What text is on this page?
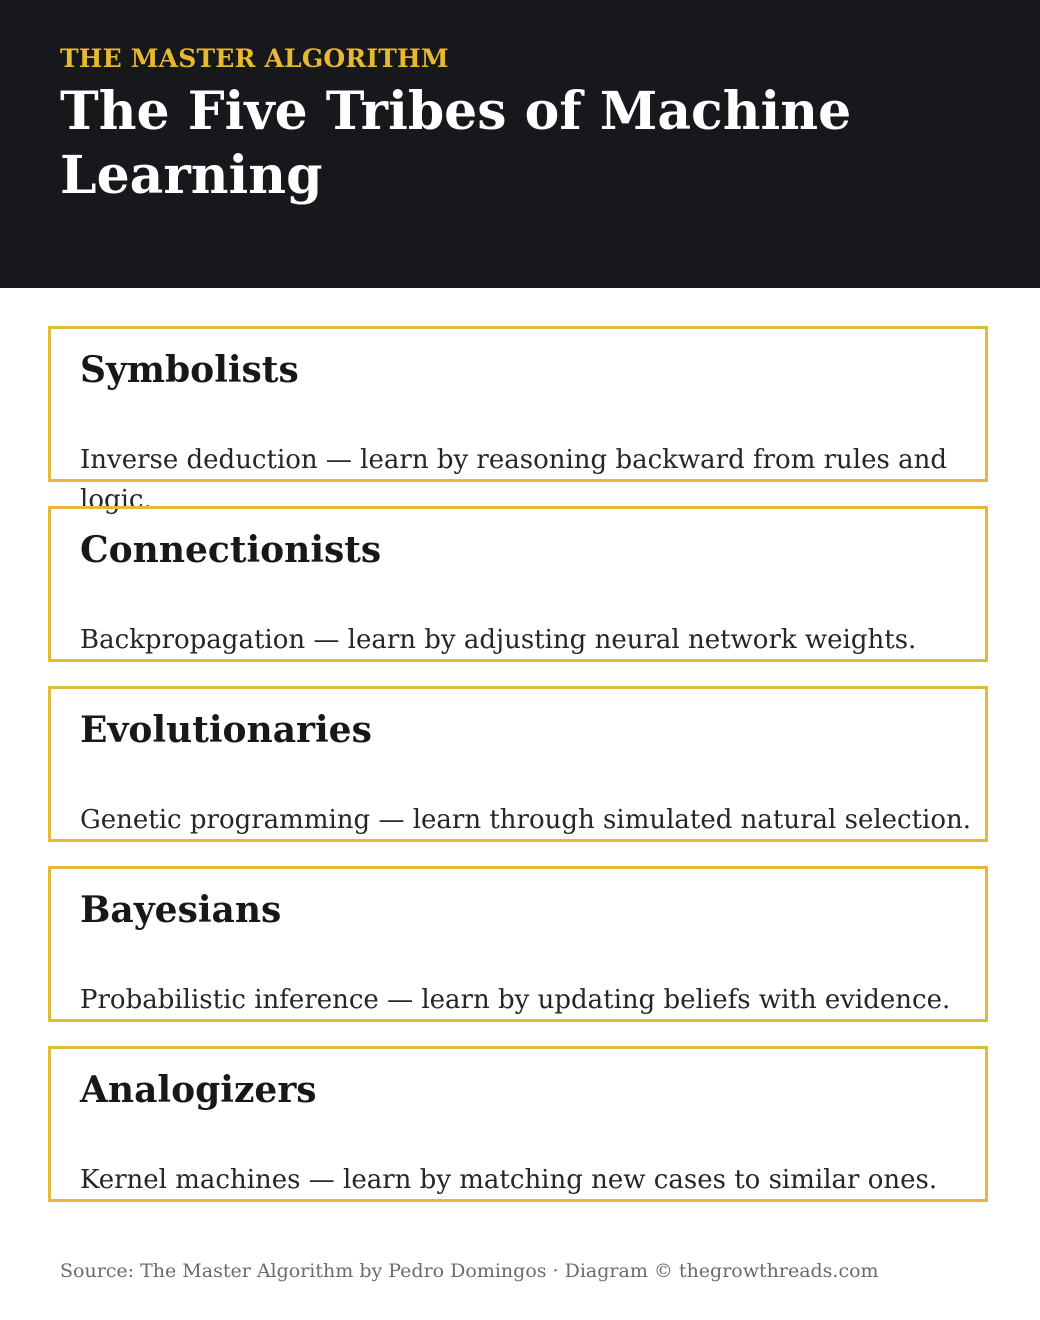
THE MASTER ALGORITHM
The Five Tribes of Machine Learning
Symbolists
Inverse deduction — learn by reasoning backward from rules and logic.
Connectionists
Backpropagation — learn by adjusting neural network weights.
Evolutionaries
Genetic programming — learn through simulated natural selection.
Bayesians
Probabilistic inference — learn by updating beliefs with evidence.
Analogizers
Kernel machines — learn by matching new cases to similar ones.
Source: The Master Algorithm by Pedro Domingos · Diagram © thegrowthreads.com
